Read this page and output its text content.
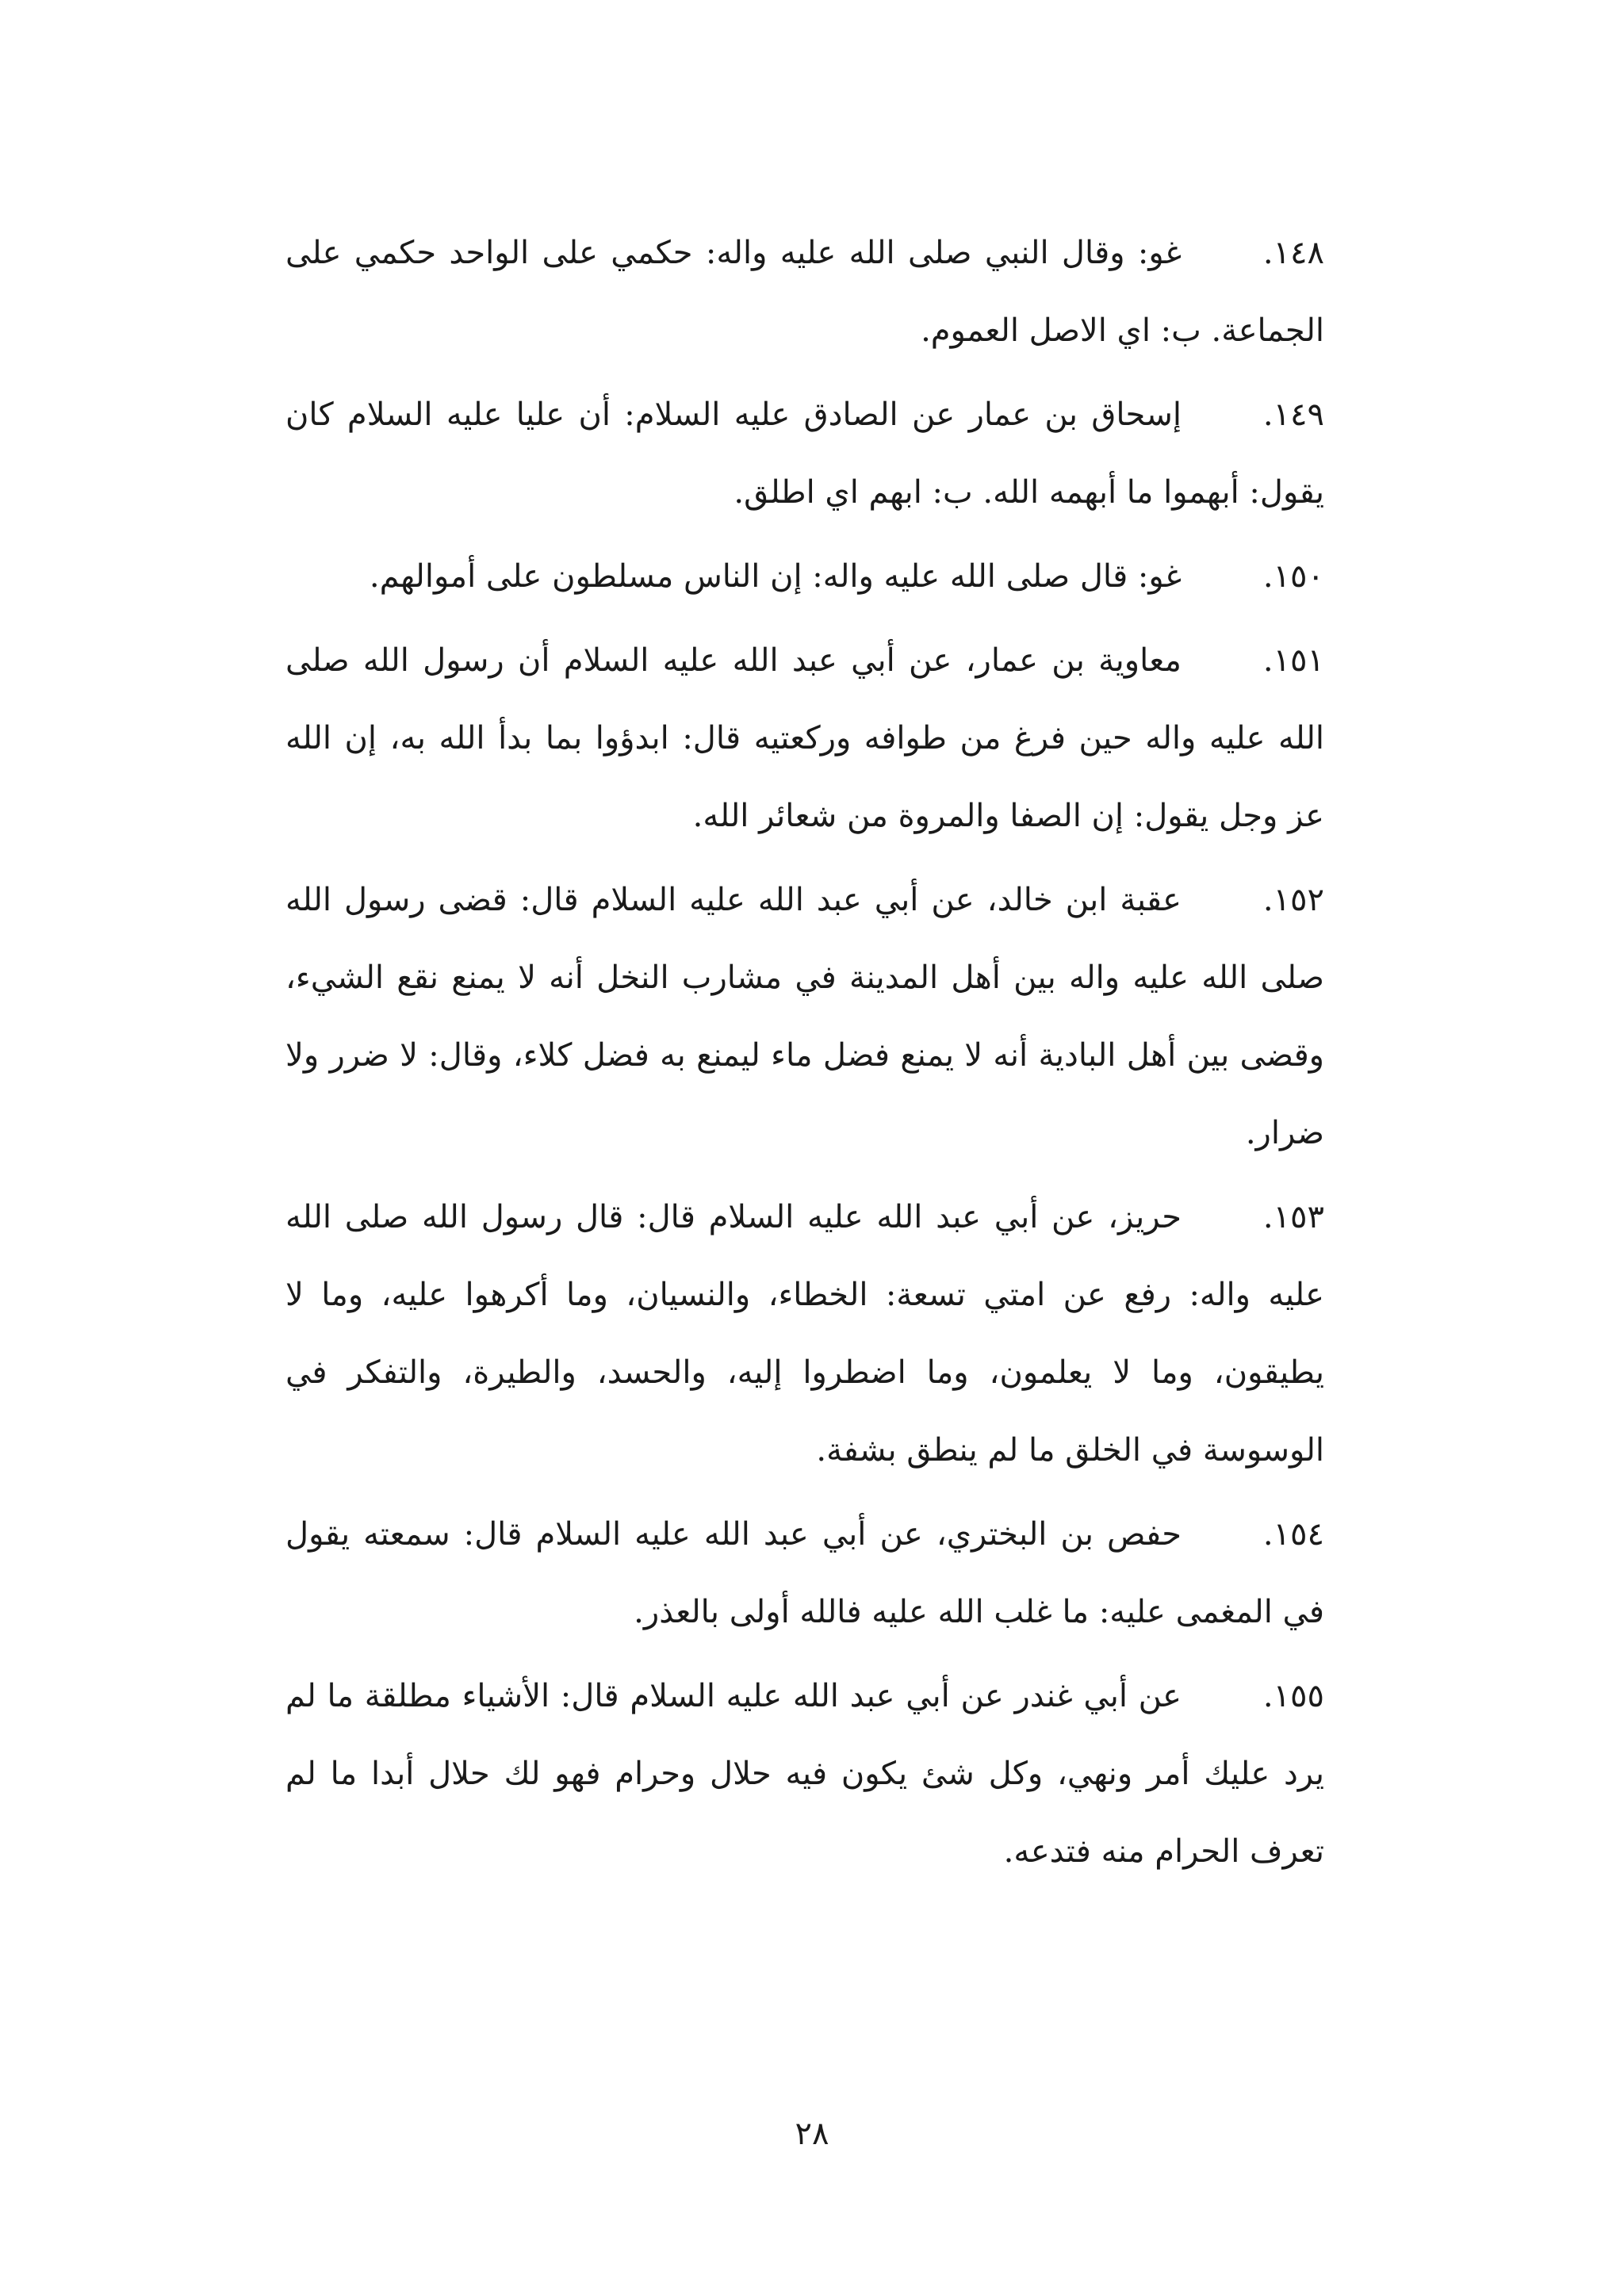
١٤٨.
غو: وقال النبي صلى الله عليه واله: حكمي على الواحد حكمي على الجماعة. ب: اي الاصل العموم.
١٤٩.
إسحاق بن عمار عن الصادق عليه السلام: أن عليا عليه السلام كان يقول: أبهموا ما أبهمه الله. ب: ابهم اي اطلق.
١٥٠.
غو: قال صلى الله عليه واله: إن الناس مسلطون على أموالهم.
١٥١.
معاوية بن عمار، عن أبي عبد الله عليه السلام أن رسول الله صلى الله عليه واله حين فرغ من طوافه وركعتيه قال: ابدؤوا بما بدأ الله به، إن الله عز وجل يقول: إن الصفا والمروة من شعائر الله.
١٥٢.
عقبة ابن خالد، عن أبي عبد الله عليه السلام قال: قضى رسول الله صلى الله عليه واله بين أهل المدينة في مشارب النخل أنه لا يمنع نقع الشيء، وقضى بين أهل البادية أنه لا يمنع فضل ماء ليمنع به فضل كلاء، وقال: لا ضرر ولا ضرار.
١٥٣.
حريز، عن أبي عبد الله عليه السلام قال: قال رسول الله صلى الله عليه واله: رفع عن امتي تسعة: الخطاء، والنسيان، وما أكرهوا عليه، وما لا يطيقون، وما لا يعلمون، وما اضطروا إليه، والحسد، والطيرة، والتفكر في الوسوسة في الخلق ما لم ينطق بشفة.
١٥٤.
حفص بن البختري، عن أبي عبد الله عليه السلام قال: سمعته يقول في المغمى عليه: ما غلب الله عليه فالله أولى بالعذر.
١٥٥.
عن أبي غندر عن أبي عبد الله عليه السلام قال: الأشياء مطلقة ما لم يرد عليك أمر ونهي، وكل شئ يكون فيه حلال وحرام فهو لك حلال أبدا ما لم تعرف الحرام منه فتدعه.
٢٨
